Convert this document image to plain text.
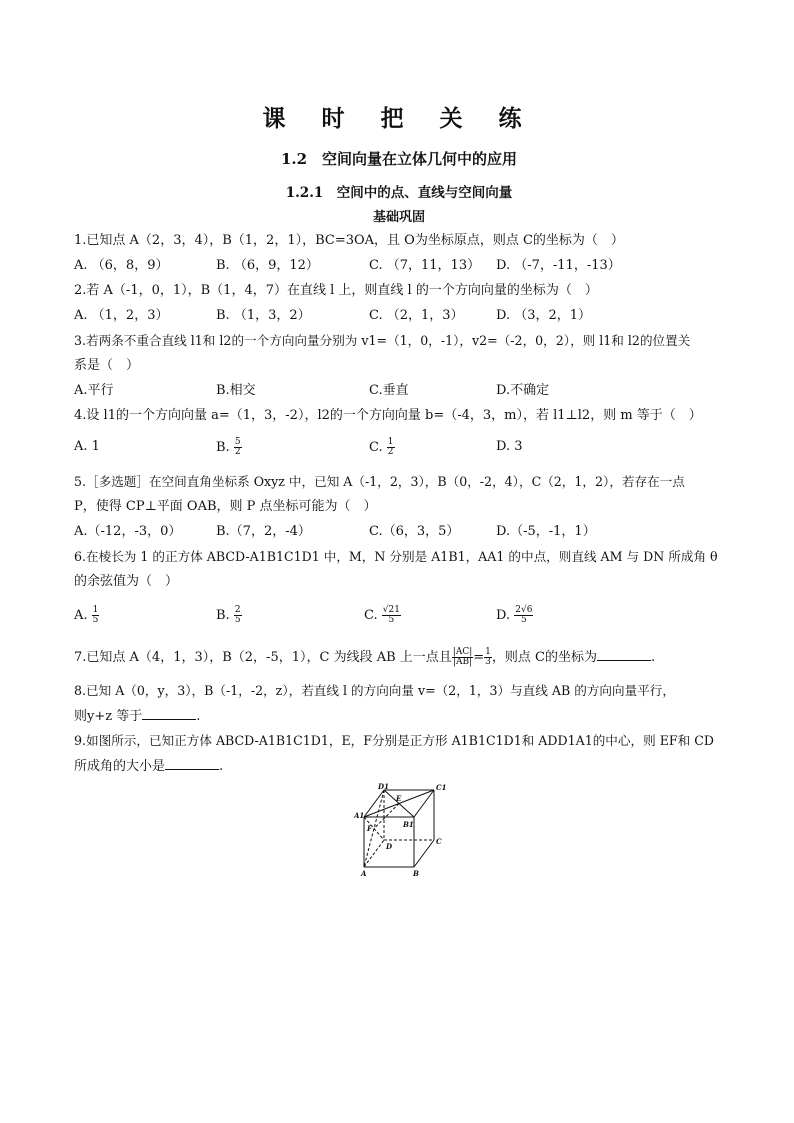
课 时 把 关 练
1.2　空间向量在立体几何中的应用
1.2.1　空间中的点、直线与空间向量
基础巩固
1.已知点 A（2，3，4），B（1，2，1），BC=3OA，且 O为坐标原点，则点 C的坐标为（　）
A. （6，8，9）	B. （6，9，12）	C. （7，11，13） D. （-7，-11，-13）
2.若 A（-1，0，1），B（1，4，7）在直线 l 上，则直线 l 的一个方向向量的坐标为（　）
A. （1，2，3）	B. （1，3，2）	C. （2，1，3） D. （3，2，1）
3.若两条不重合直线 l1和 l2的一个方向向量分别为 v1=（1，0，-1），v2=（-2，0，2），则 l1和 l2的位置关
系是（　）
A.平行	B.相交	C.垂直	D.不确定
4.设 l1的一个方向向量 a=（1，3，-2），l2的一个方向向量 b=（-4，3，m），若 l1⊥l2，则 m 等于（　）
A. 1	B. $\frac{5}{2}$	C. $\frac{1}{2}$	D. 3
5.［多选题］在空间直角坐标系 Oxyz 中，已知 A（-1，2，3），B（0，-2，4），C（2，1，2），若存在一点
P，使得 CP⊥平面 OAB，则 P 点坐标可能为（　）
A.（-12，-3，0）	B.（7，2，-4）	C.（6，3，5）	D.（-5，-1，1）
6.在棱长为 1 的正方体 ABCD-A1B1C1D1 中，M，N 分别是 A1B1，AA1 的中点，则直线 AM 与 DN 所成角 θ
的余弦值为（　）
A. $\frac{1}{5}$	B. $\frac{2}{5}$	C. $\frac{√21}{5}$	D. $\frac{2√6}{5}$
7.已知点 A（4，1，3），B（2，-5，1），C 为线段 AB 上一点且 $\frac{|AC|}{|AB|} = \frac{1}{3}$ ，则点 C的坐标为	.
8.已知 A（0，y，3），B（-1，-2，z），若直线 l 的方向向量 v=（2，1，3）与直线 AB 的方向向量平行，
则y+z 等于	.
9.如图所示，已知正方体 ABCD-A1B1C1D1，E，F分别是正方形 A1B1C1D1和 ADD1A1的中心，则 EF和 CD
所成角的大小是	.
D1	C1
E
A1
B1
F
D
C
A	B
